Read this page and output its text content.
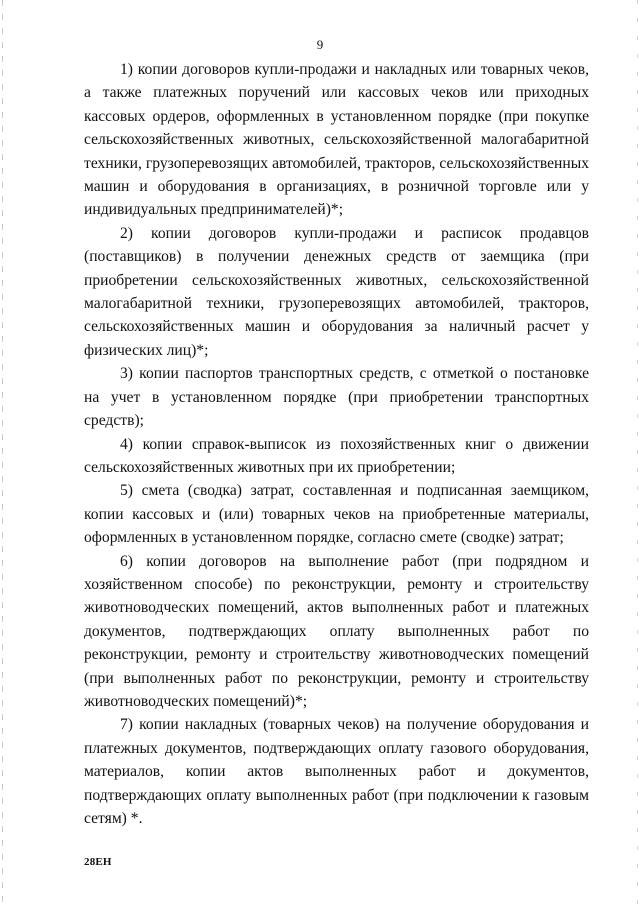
9

1) копии договоров купли-продажи и накладных или товарных чеков, а также платежных поручений или кассовых чеков или приходных кассовых ордеров, оформленных в установленном порядке (при покупке сельскохозяйственных животных, сельскохозяйственной малогабаритной техники, грузоперевозящих автомобилей, тракторов, сельскохозяйственных машин и оборудования в организациях, в розничной торговле или у индивидуальных предпринимателей)*;

2) копии договоров купли-продажи и расписок продавцов (поставщиков) в получении денежных средств от заемщика (при приобретении сельскохозяйственных животных, сельскохозяйственной малогабаритной техники, грузоперевозящих автомобилей, тракторов, сельскохозяйственных машин и оборудования за наличный расчет у физических лиц)*;

3) копии паспортов транспортных средств, с отметкой о постановке на учет в установленном порядке (при приобретении транспортных средств);

4) копии справок-выписок из похозяйственных книг о движении сельскохозяйственных животных при их приобретении;

5) смета (сводка) затрат, составленная и подписанная заемщиком, копии кассовых и (или) товарных чеков на приобретенные материалы, оформленных в установленном порядке, согласно смете (сводке) затрат;

6) копии договоров на выполнение работ (при подрядном и хозяйственном способе) по реконструкции, ремонту и строительству животноводческих помещений, актов выполненных работ и платежных документов, подтверждающих оплату выполненных работ по реконструкции, ремонту и строительству животноводческих помещений (при выполненных работ по реконструкции, ремонту и строительству животноводческих помещений)*;

7) копии накладных (товарных чеков) на получение оборудования и платежных документов, подтверждающих оплату газового оборудования, материалов, копии актов выполненных работ и документов, подтверждающих оплату выполненных работ (при подключении к газовым сетям) *.

28ЕН
